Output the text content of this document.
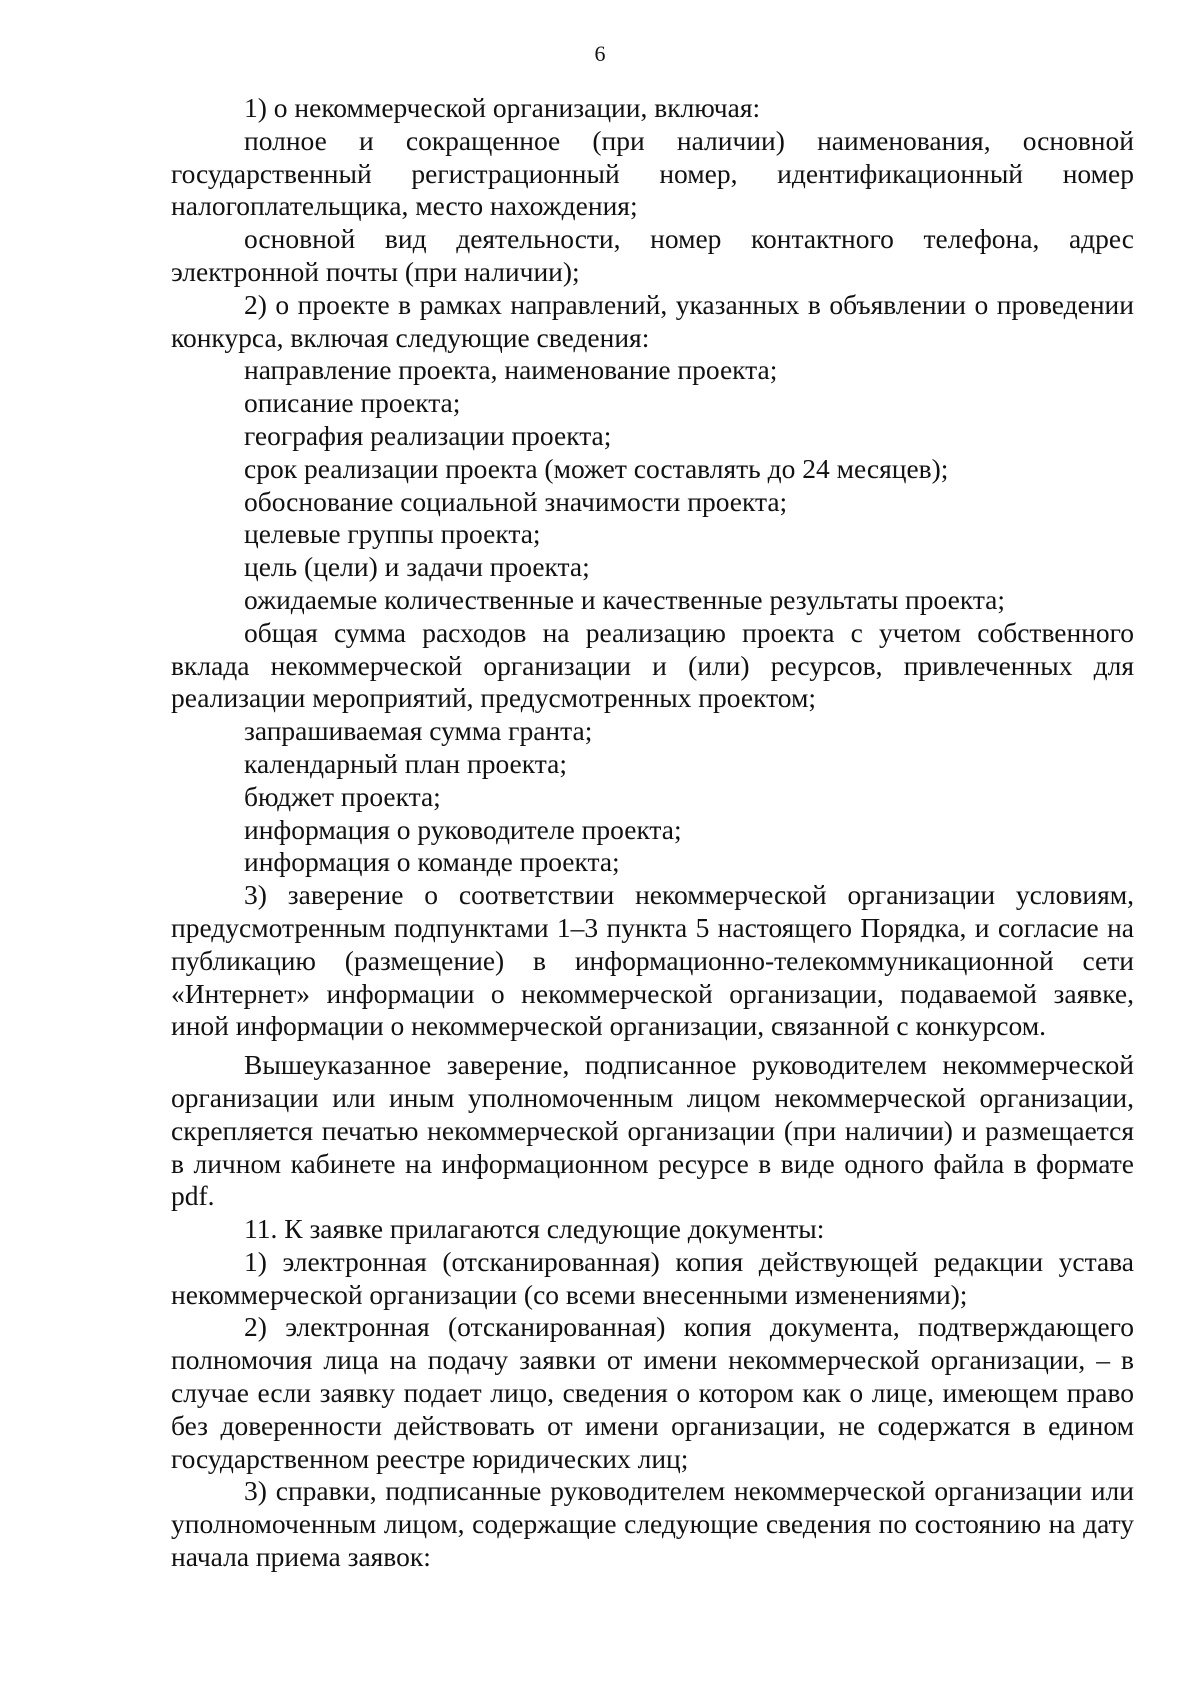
6

1) о некоммерческой организации, включая:

полное и сокращенное (при наличии) наименования, основной государственный регистрационный номер, идентификационный номер налогоплательщика, место нахождения;

основной вид деятельности, номер контактного телефона, адрес электронной почты (при наличии);

2) о проекте в рамках направлений, указанных в объявлении о проведении конкурса, включая следующие сведения:

направление проекта, наименование проекта;

описание проекта;

география реализации проекта;

срок реализации проекта (может составлять до 24 месяцев);

обоснование социальной значимости проекта;

целевые группы проекта;

цель (цели) и задачи проекта;

ожидаемые количественные и качественные результаты проекта;

общая сумма расходов на реализацию проекта с учетом собственного вклада некоммерческой организации и (или) ресурсов, привлеченных для реализации мероприятий, предусмотренных проектом;

запрашиваемая сумма гранта;

календарный план проекта;

бюджет проекта;

информация о руководителе проекта;

информация о команде проекта;

3) заверение о соответствии некоммерческой организации условиям, предусмотренным подпунктами 1–3 пункта 5 настоящего Порядка, и согласие на публикацию (размещение) в информационно-телекоммуникационной сети «Интернет» информации о некоммерческой организации, подаваемой заявке, иной информации о некоммерческой организации, связанной с конкурсом.

Вышеуказанное заверение, подписанное руководителем некоммерческой организации или иным уполномоченным лицом некоммерческой организации, скрепляется печатью некоммерческой организации (при наличии) и размещается в личном кабинете на информационном ресурсе в виде одного файла в формате pdf.

11. К заявке прилагаются следующие документы:

1) электронная (отсканированная) копия действующей редакции устава некоммерческой организации (со всеми внесенными изменениями);

2) электронная (отсканированная) копия документа, подтверждающего полномочия лица на подачу заявки от имени некоммерческой организации, – в случае если заявку подает лицо, сведения о котором как о лице, имеющем право без доверенности действовать от имени организации, не содержатся в едином государственном реестре юридических лиц;

3) справки, подписанные руководителем некоммерческой организации или уполномоченным лицом, содержащие следующие сведения по состоянию на дату начала приема заявок:
